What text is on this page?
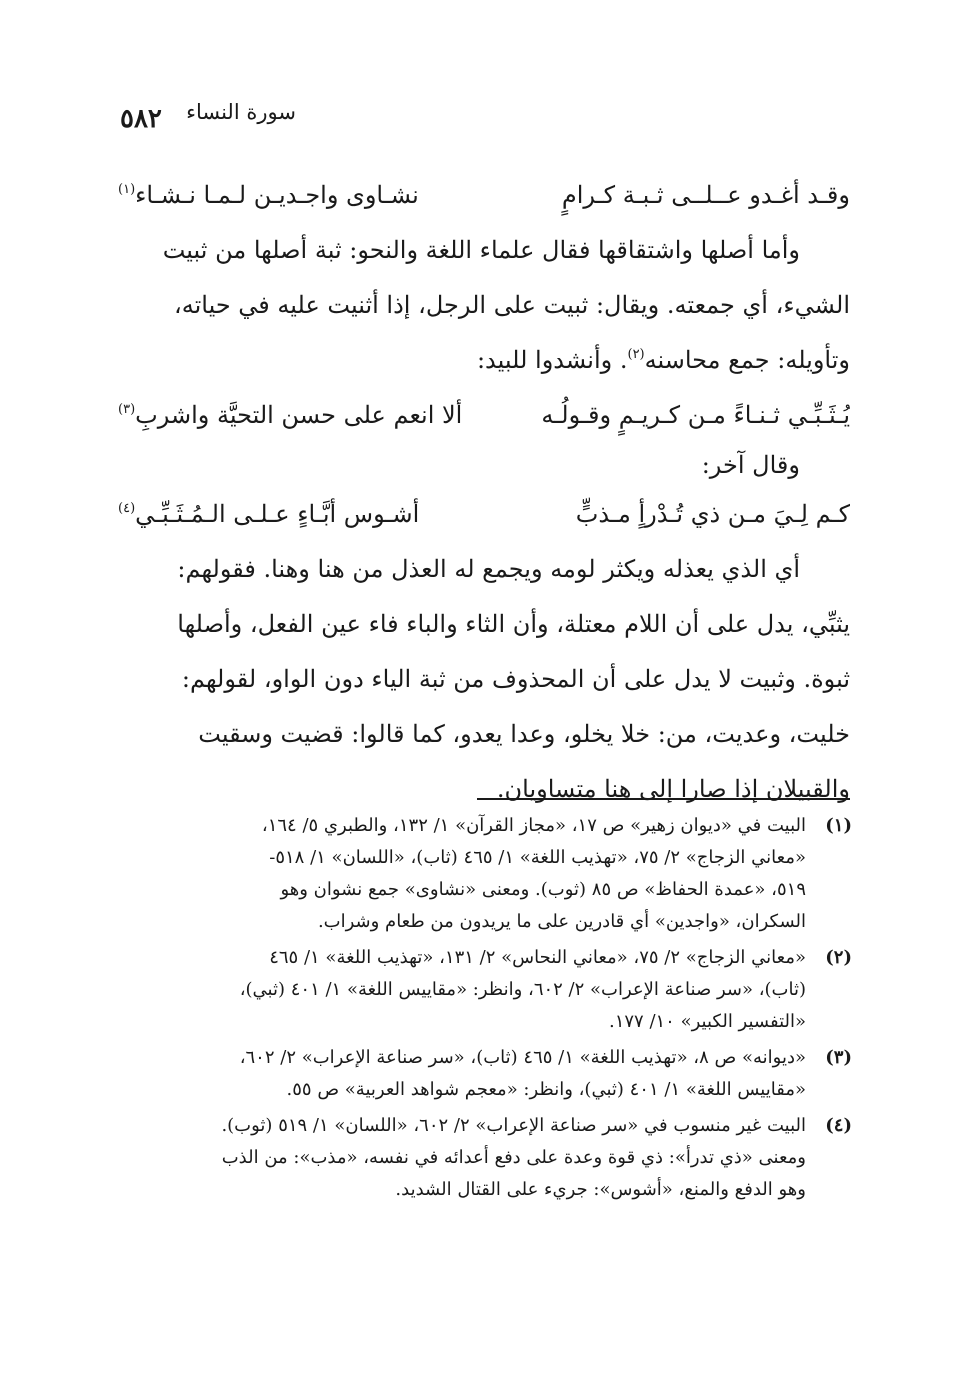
٥٨٢	سورة النساء
وقـد أغـدو عــلــى ثـبـة كـرامٍ
نشـاوى واجـديـن لـمـا نـشـاء$^{(١)}$
وأما أصلها واشتقاقها فقال علماء اللغة والنحو: ثبة أصلها من ثبيت
الشيء، أي جمعته. ويقال: ثبيت على الرجل، إذا أثنيت عليه في حياته،
وتأويله: جمع محاسنه$^{(٢)}$. وأنشدوا للبيد:
يُـثَـبِّـي ثـنـاءً مـن كـريـمٍ وقـولُـه
ألا انعم على حسن التحيَّة واشربِ$^{(٣)}$
وقال آخر:
كـم لِـيَ مـن ذي تُـدْرأٍ مـذبٍّ
أشـوس أبَّـاءٍ عـلـى الـمُـثَـبِّـي$^{(٤)}$
أي الذي يعذله ويكثر لومه ويجمع له العذل من هنا وهنا. فقولهم:
يثبِّي، يدل على أن اللام معتلة، وأن الثاء والباء فاء عين الفعل، وأصلها
ثبوة. وثبيت لا يدل على أن المحذوف من ثبة الياء دون الواو، لقولهم:
خليت، وعديت، من: خلا يخلو، وعدا يعدو، كما قالوا: قضيت وسقيت
والقبيلان إذا صارا إلى هنا متساويان.
(١)
البيت في «ديوان زهير» ص ١٧، «مجاز القرآن» ١/ ١٣٢، والطبري ٥/ ١٦٤،
«معاني الزجاج» ٢/ ٧٥، «تهذيب اللغة» ١/ ٤٦٥ (ثاب)، «اللسان» ١/ ٥١٨-
٥١٩، «عمدة الحفاظ» ص ٨٥ (ثوب). ومعنى «نشاوى» جمع نشوان وهو
السكران، «واجدين» أي قادرين على ما يريدون من طعام وشراب.
(٢)
«معاني الزجاج» ٢/ ٧٥، «معاني النحاس» ٢/ ١٣١، «تهذيب اللغة» ١/ ٤٦٥
(ثاب)، «سر صناعة الإعراب» ٢/ ٦٠٢، وانظر: «مقاييس اللغة» ١/ ٤٠١ (ثبي)،
«التفسير الكبير» ١٠/ ١٧٧.
(٣)
«ديوانه» ص ٨، «تهذيب اللغة» ١/ ٤٦٥ (ثاب)، «سر صناعة الإعراب» ٢/ ٦٠٢،
«مقاييس اللغة» ١/ ٤٠١ (ثبي)، وانظر: «معجم شواهد العربية» ص ٥٥.
(٤)
البيت غير منسوب في «سر صناعة الإعراب» ٢/ ٦٠٢، «اللسان» ١/ ٥١٩ (ثوب).
ومعنى «ذي تدرأ»: ذي قوة وعدة على دفع أعدائه في نفسه، «مذب»: من الذب
وهو الدفع والمنع، «أشوس»: جريء على القتال الشديد.
